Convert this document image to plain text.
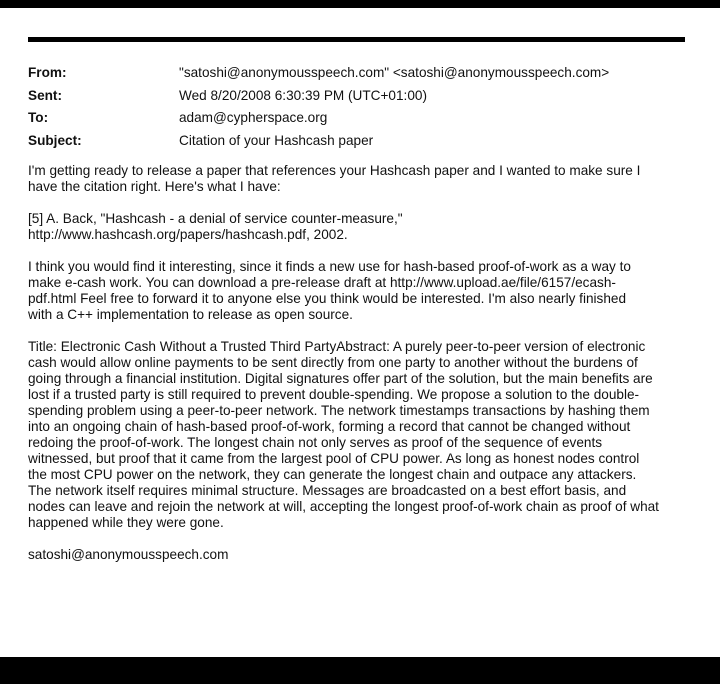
From:	"satoshi@anonymousspeech.com" <satoshi@anonymousspeech.com>
Sent:	Wed 8/20/2008 6:30:39 PM (UTC+01:00)
To:	adam@cypherspace.org
Subject:	Citation of your Hashcash paper

I'm getting ready to release a paper that references your Hashcash paper and I wanted to make sure I
have the citation right. Here's what I have:

[5] A. Back, "Hashcash - a denial of service counter-measure,"
http://www.hashcash.org/papers/hashcash.pdf, 2002.

I think you would find it interesting, since it finds a new use for hash-based proof-of-work as a way to
make e-cash work. You can download a pre-release draft at http://www.upload.ae/file/6157/ecash-
pdf.html Feel free to forward it to anyone else you think would be interested. I'm also nearly finished
with a C++ implementation to release as open source.

Title: Electronic Cash Without a Trusted Third PartyAbstract: A purely peer-to-peer version of electronic
cash would allow online payments to be sent directly from one party to another without the burdens of
going through a financial institution. Digital signatures offer part of the solution, but the main benefits are
lost if a trusted party is still required to prevent double-spending. We propose a solution to the double-
spending problem using a peer-to-peer network. The network timestamps transactions by hashing them
into an ongoing chain of hash-based proof-of-work, forming a record that cannot be changed without
redoing the proof-of-work. The longest chain not only serves as proof of the sequence of events
witnessed, but proof that it came from the largest pool of CPU power. As long as honest nodes control
the most CPU power on the network, they can generate the longest chain and outpace any attackers.
The network itself requires minimal structure. Messages are broadcasted on a best effort basis, and
nodes can leave and rejoin the network at will, accepting the longest proof-of-work chain as proof of what
happened while they were gone.

satoshi@anonymousspeech.com
